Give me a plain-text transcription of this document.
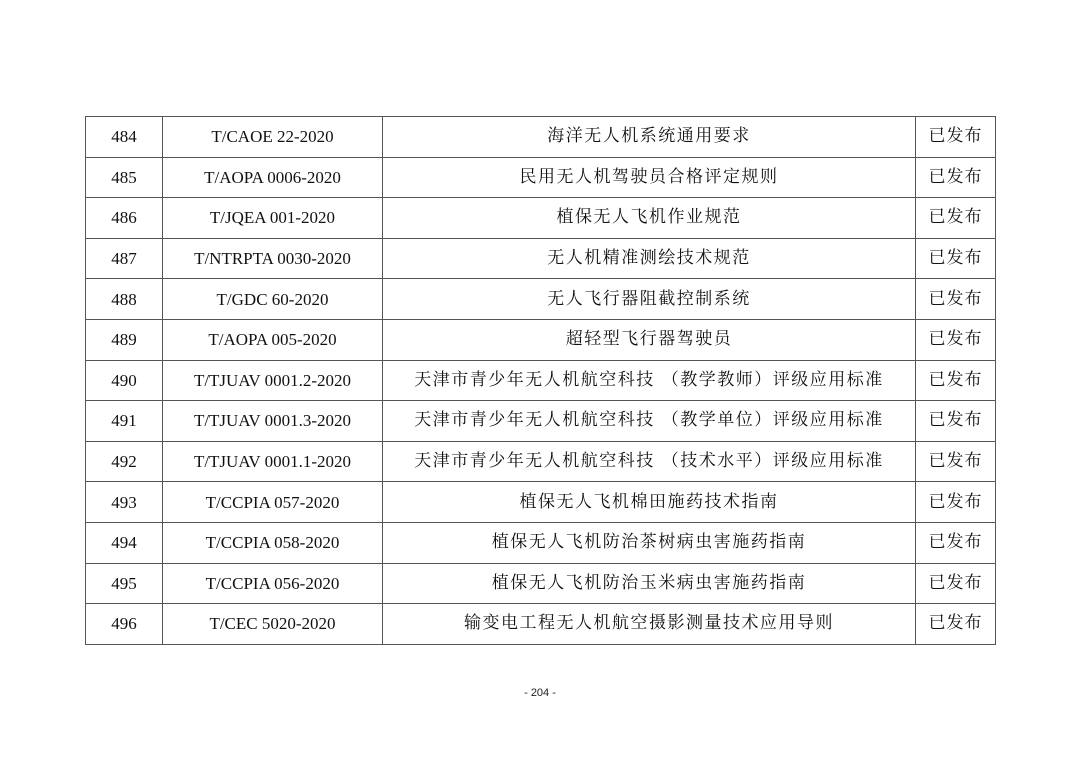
484	T/CAOE 22-2020	海洋无人机系统通用要求	已发布
485	T/AOPA 0006-2020	民用无人机驾驶员合格评定规则	已发布
486	T/JQEA 001-2020	植保无人飞机作业规范	已发布
487	T/NTRPTA 0030-2020	无人机精准测绘技术规范	已发布
488	T/GDC 60-2020	无人飞行器阻截控制系统	已发布
489	T/AOPA 005-2020	超轻型飞行器驾驶员	已发布
490	T/TJUAV 0001.2-2020	天津市青少年无人机航空科技 （教学教师）评级应用标准	已发布
491	T/TJUAV 0001.3-2020	天津市青少年无人机航空科技 （教学单位）评级应用标准	已发布
492	T/TJUAV 0001.1-2020	天津市青少年无人机航空科技 （技术水平）评级应用标准	已发布
493	T/CCPIA 057-2020	植保无人飞机棉田施药技术指南	已发布
494	T/CCPIA 058-2020	植保无人飞机防治茶树病虫害施药指南	已发布
495	T/CCPIA 056-2020	植保无人飞机防治玉米病虫害施药指南	已发布
496	T/CEC 5020-2020	输变电工程无人机航空摄影测量技术应用导则	已发布
- 204 -
